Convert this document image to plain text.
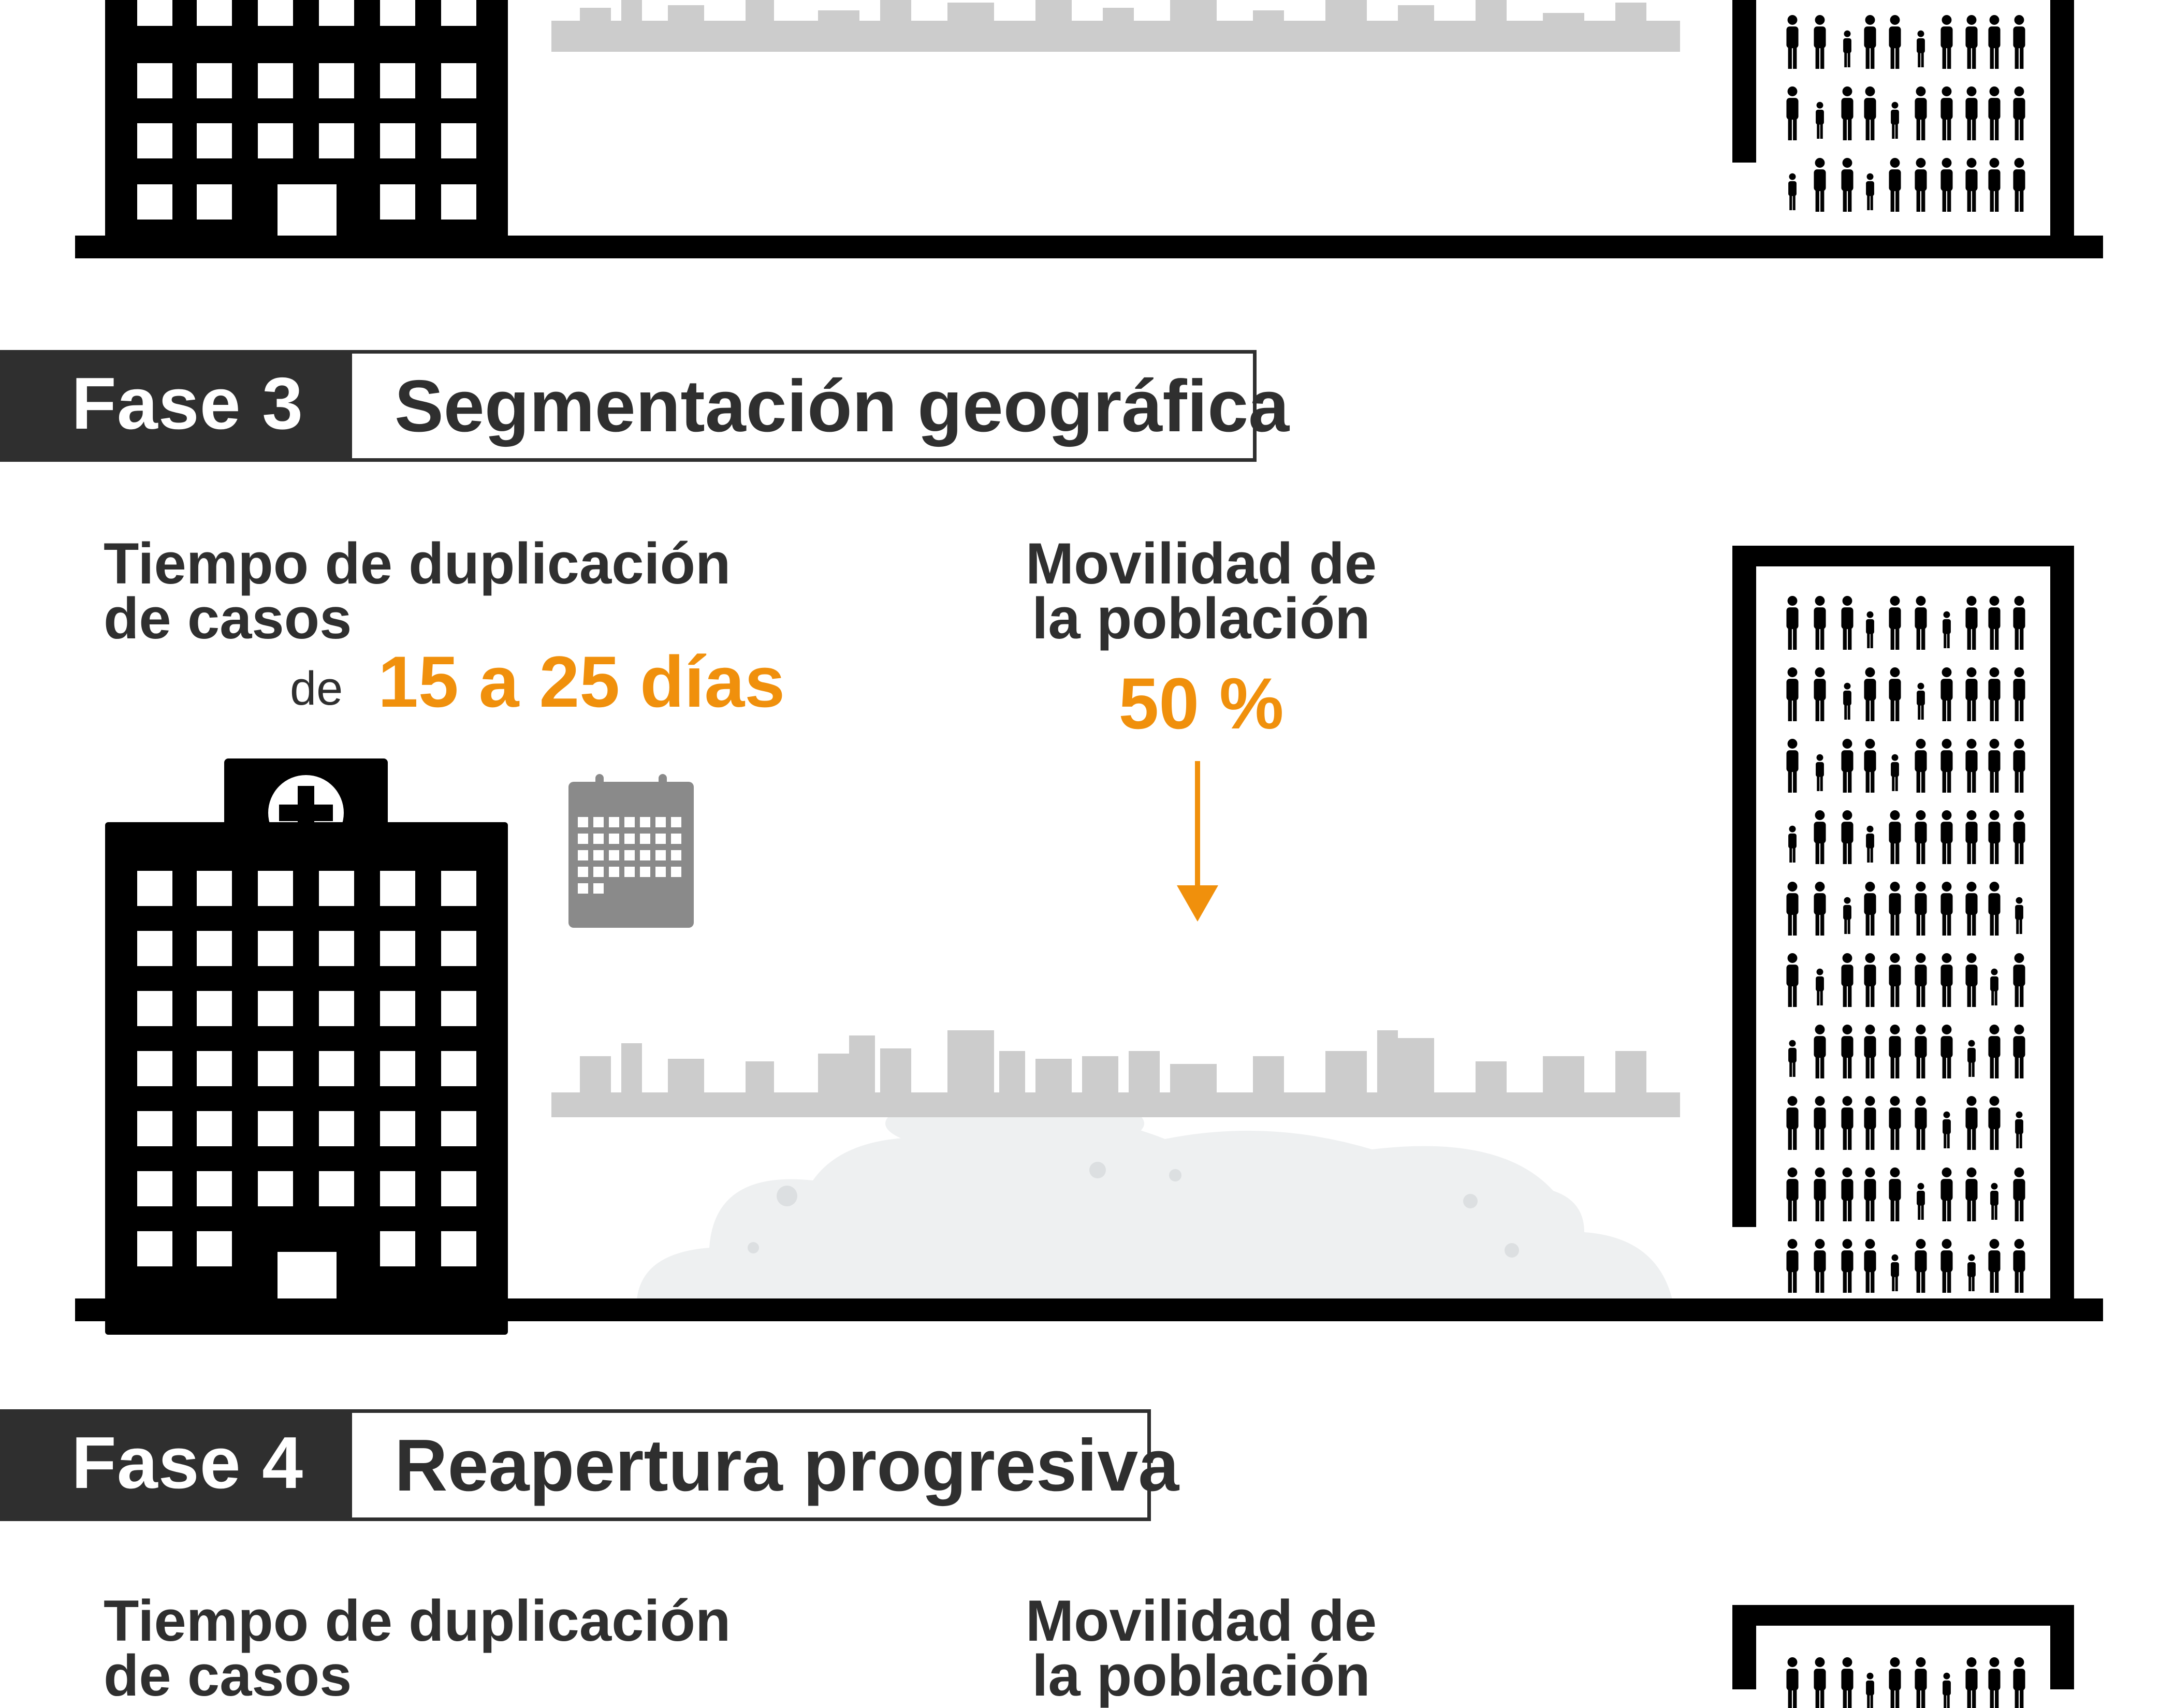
Fase 3 Segmentación geográfica
Tiempo de duplicación
de casos
de 15 a 25 días
Movilidad de
la población
50 %
Fase 4 Reapertura progresiva
Tiempo de duplicación
de casos
Movilidad de
la población
